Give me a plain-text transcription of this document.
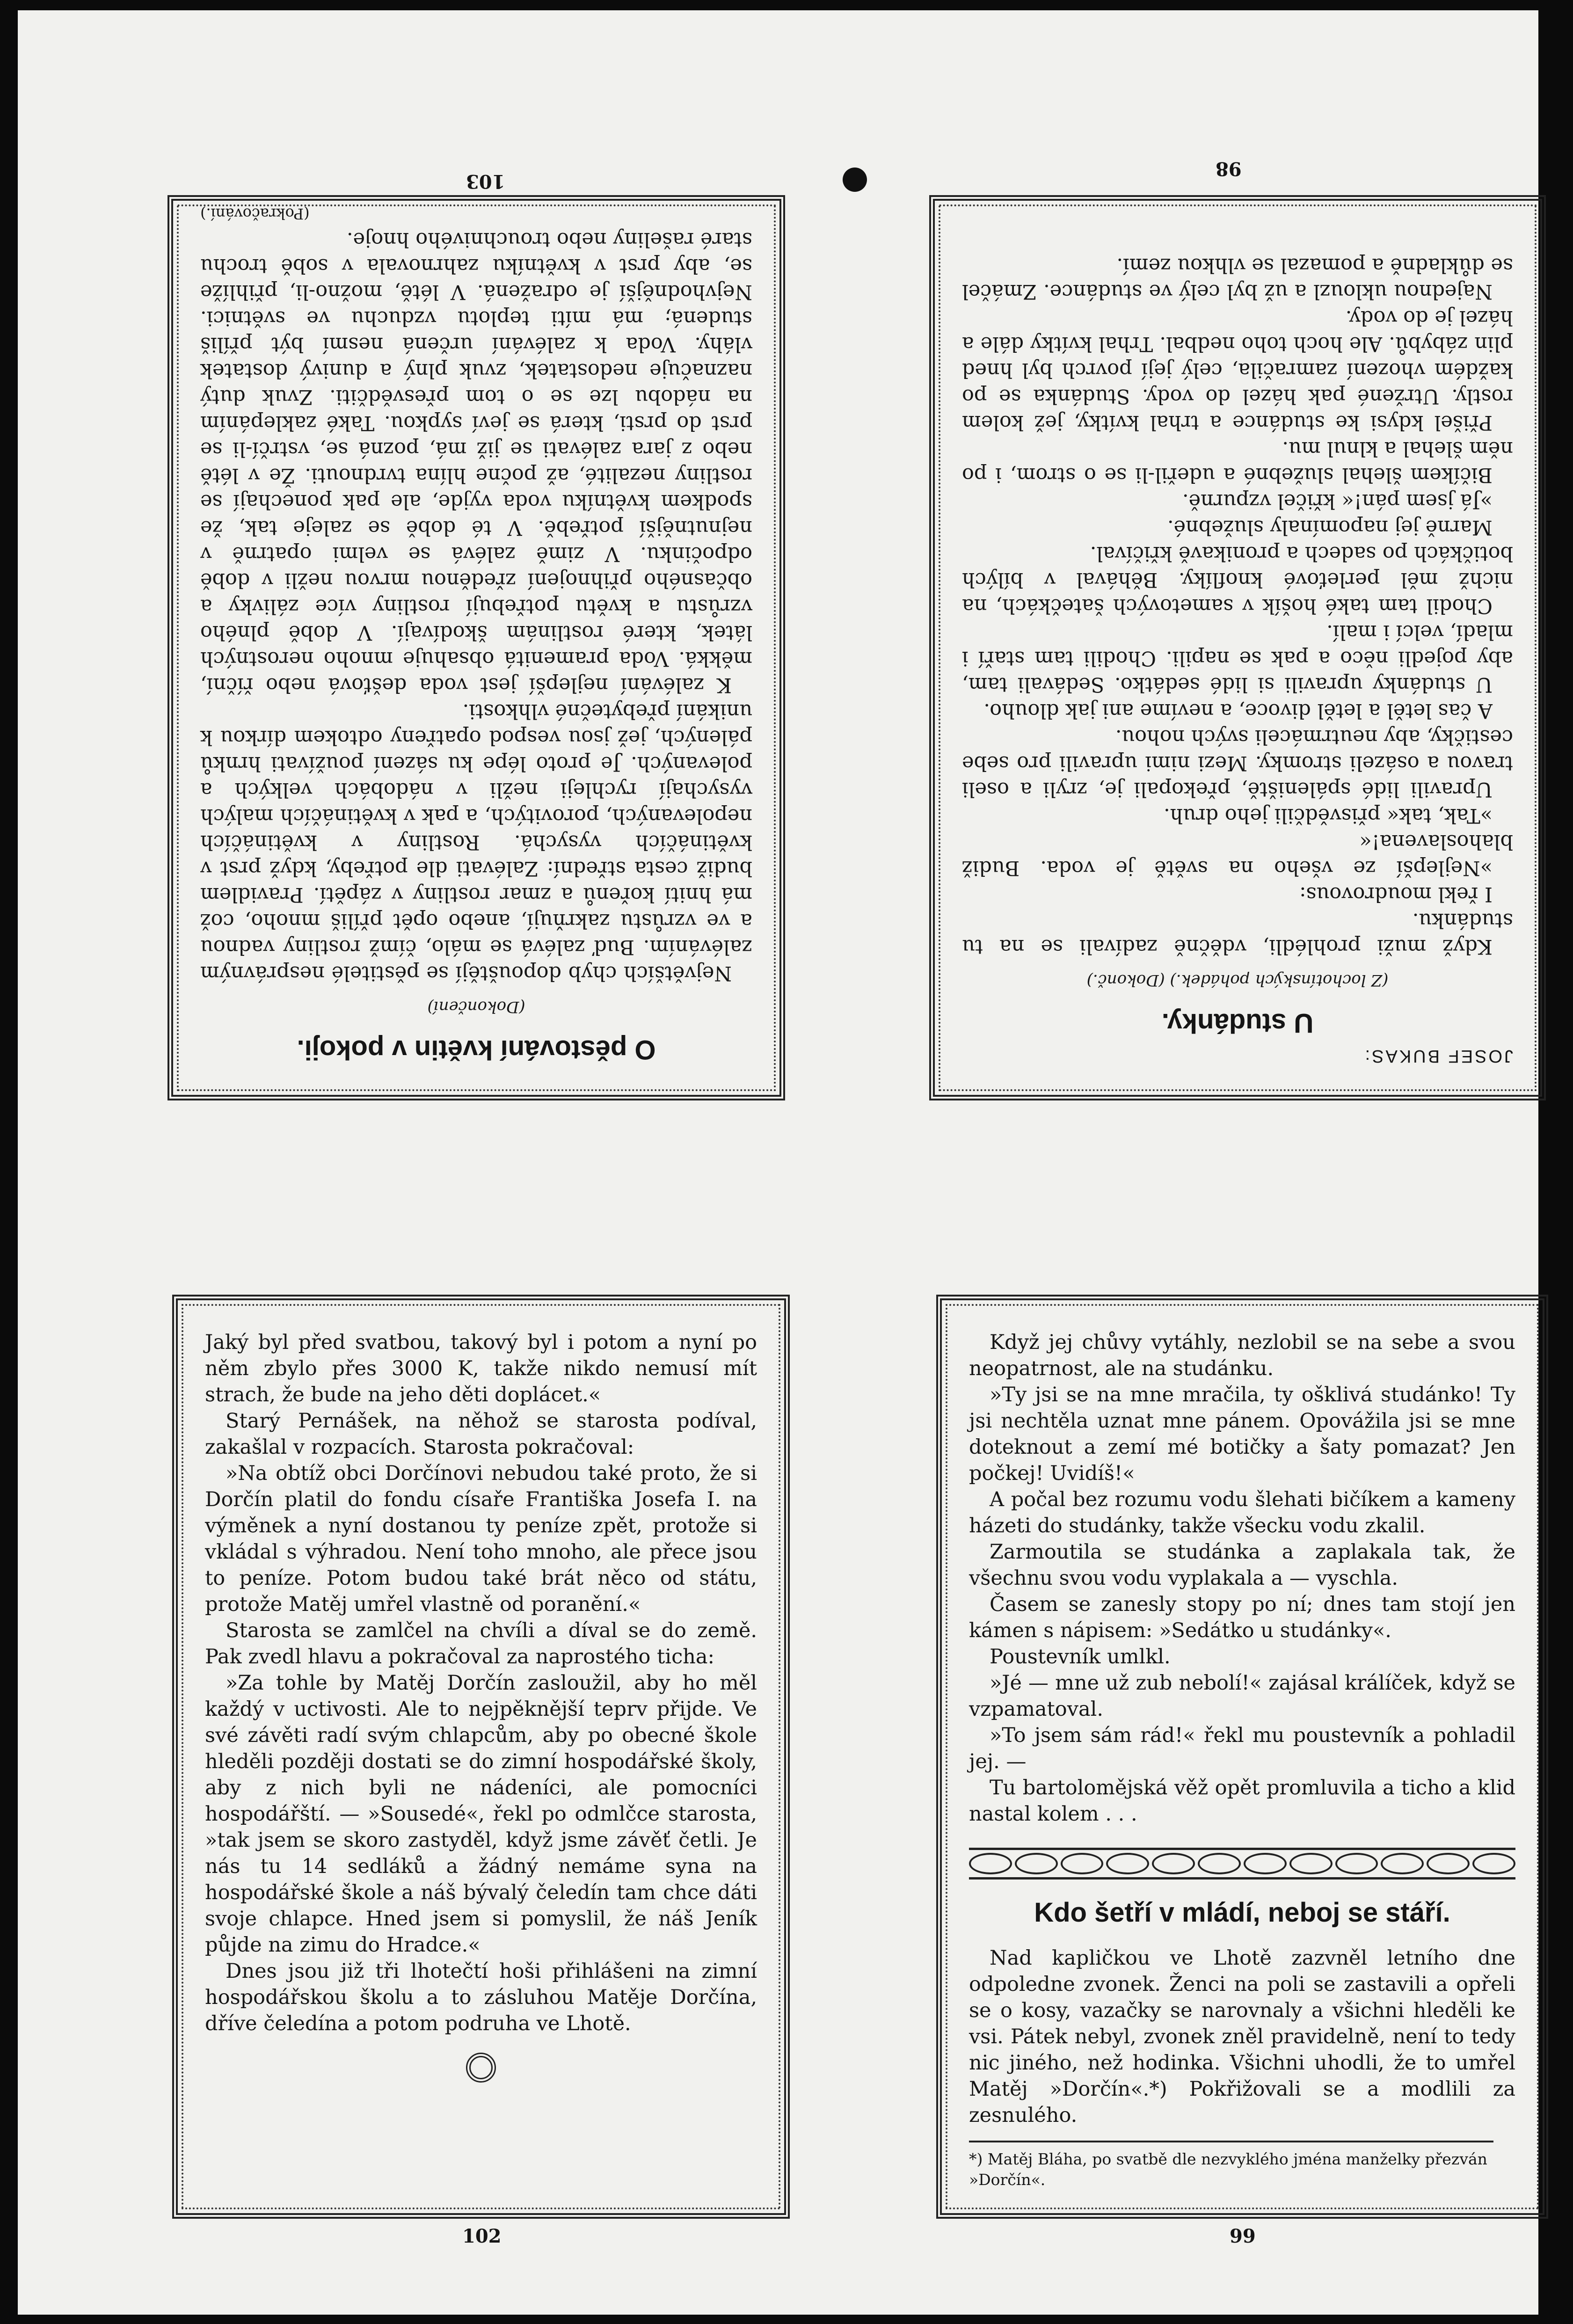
103
98
O pěstování květin v pokoji.
(Dokončení)

Největších chyb dopouštějí se pěstitelé nesprávným zaléváním. Buď zalévá se málo, čímž rostliny vadnou a ve vzrůstu zakrňují, anebo opět příliš mnoho, což má hnití kořenů a zmar rostliny v zápětí. Pravidlem budiž cesta střední: Zalévati dle potřeby, když prst v květináčích vysychá. Rostliny v květináčích nepolevaných, porovitých, a pak v květináčích malých vysychají rychleji nežli v nádobách velkých a polevaných. Je proto lépe ku sázení používati hrnků pálených, jež jsou vespod opatřeny odtokem dírkou k unikání přebytečné vlhkosti.

K zalévání nejlepší jest voda dešťová nebo říční, měkká. Voda pramenitá obsahuje mnoho nerostných látek, které rostlinám škodívají. V době plného vzrůstu a květu potřebují rostliny více zálivky a občasného přihnojení zředěnou mrvou nežli v době odpočinku. V zimě zalévá se velmi opatrně v nejnutnější potřebě. V té době se zaleje tak, že spodkem květníku voda vyjde, ale pak ponechají se rostliny nezalité, až počne hlína tvrdnouti. Že v létě nebo z jara zalévati se již má, pozná se, vstrčí-li se prst do prsti, která se jeví sypkou. Také zaklepáním na nádobu lze se o tom přesvědčiti. Zvuk dutý naznačuje nedostatek, zvuk plný a dunivý dostatek vláhy. Voda k zalévání určená nesmí být příliš studená; má míti teplotu vzduchu ve světnici. Nejvhodnější je odražená. V létě, možno-li, přihlíže se, aby prst v květníku zahrnovala v sobě trochu staré rašeliny nebo trouchnivého hnoje.

(Pokračování.)
JOSEF BUKAS:
U studánky.
(Z lochotínských pohádek.) (Dokonč.)

Když muži prohlédli, vděčně zadívali se na tu studánku.

I řekl moudrovous:

»Nejlepší ze všeho na světě je voda. Budiž blahoslavena!«

»Tak, tak« přisvědčili jeho druh.

Upravili lidé spáleniště, překopali je, zryli a oseli travou a osázeli stromky. Mezi nimi upravili pro sebe cestičky, aby neutrmáceli svých nohou.

A čas letěl a letěl divoce, a nevíme ani jak dlouho.

U studánky upravili si lidé sedátko. Sedávali tam, aby pojedli něco a pak se napili. Chodili tam staří i mladí, velcí i malí.

Chodil tam také hošík v sametových šatečkách, na nichž měl perleťové knoflíky. Běhával v bílých botičkách po sadech a pronikavě křičíval.

Marně jej napomínaly služebné.

»Já jsem pán!« křičel vzpurně.

Bičíkem šlehal služebné a udeřil-li se o strom, i po něm šlehal a klnul mu.

Přišel kdysi ke studánce a trhal kvítky, jež kolem rostly. Utržené pak házel do vody. Studánka se po každém vhození zamračila, celý její povrch byl hned plin zábybů. Ale hoch toho nedbal. Trhal kvítky dále a házel je do vody.

Najednou uklouzl a už byl celý ve studánce. Zmáčel se důkladně a pomazal se vlhkou zemí.

Jaký byl před svatbou, takový byl i potom a nyní po něm zbylo přes 3000 K, takže nikdo nemusí mít strach, že bude na jeho děti doplácet.«

Starý Pernášek, na něhož se starosta podíval, zakašlal v rozpacích. Starosta pokračoval:

»Na obtíž obci Dorčínovi nebudou také proto, že si Dorčín platil do fondu císaře Františka Josefa I. na výměnek a nyní dostanou ty peníze zpět, protože si vkládal s výhradou. Není toho mnoho, ale přece jsou to peníze. Potom budou také brát něco od státu, protože Matěj umřel vlastně od poranění.«

Starosta se zamlčel na chvíli a díval se do země. Pak zvedl hlavu a pokračoval za naprostého ticha:

»Za tohle by Matěj Dorčín zasloužil, aby ho měl každý v uctivosti. Ale to nejpěknější teprv přijde. Ve své závěti radí svým chlapcům, aby po obecné škole hleděli později dostati se do zimní hospodářské školy, aby z nich byli ne nádeníci, ale pomocníci hospodářští. — »Sousedé«, řekl po odmlčce starosta, »tak jsem se skoro zastyděl, když jsme závěť četli. Je nás tu 14 sedláků a žádný nemáme syna na hospodářské škole a náš bývalý čeledín tam chce dáti svoje chlapce. Hned jsem si pomyslil, že náš Jeník půjde na zimu do Hradce.«

Dnes jsou již tři lhotečtí hoši přihlášeni na zimní hospodářskou školu a to zásluhou Matěje Dorčína, dříve čeledína a potom podruha ve Lhotě.

Když jej chůvy vytáhly, nezlobil se na sebe a svou neopatrnost, ale na studánku.

»Ty jsi se na mne mračila, ty ošklivá studánko! Ty jsi nechtěla uznat mne pánem. Opovážila jsi se mne doteknout a zemí mé botičky a šaty pomazat? Jen počkej! Uvidíš!«

A počal bez rozumu vodu šlehati bičíkem a kameny házeti do studánky, takže všecku vodu zkalil.

Zarmoutila se studánka a zaplakala tak, že všechnu svou vodu vyplakala a — vyschla.

Časem se zanesly stopy po ní; dnes tam stojí jen kámen s nápisem: »Sedátko u studánky«.

Poustevník umlkl.

»Jé — mne už zub nebolí!« zajásal králíček, když se vzpamatoval.

»To jsem sám rád!« řekl mu poustevník a pohladil jej. —

Tu bartolomějská věž opět promluvila a ticho a klid nastal kolem . . .

Kdo šetří v mládí, neboj se stáří.

Nad kapličkou ve Lhotě zazvněl letního dne odpoledne zvonek. Ženci na poli se zastavili a opřeli se o kosy, vazačky se narovnaly a všichni hleděli ke vsi. Pátek nebyl, zvonek zněl pravidelně, není to tedy nic jiného, než hodinka. Všichni uhodli, že to umřel Matěj »Dorčín«.*) Pokřižovali se a modlili za zesnulého.

*) Matěj Bláha, po svatbě dle nezvyklého jména manželky přezván »Dorčín«.
102	99
